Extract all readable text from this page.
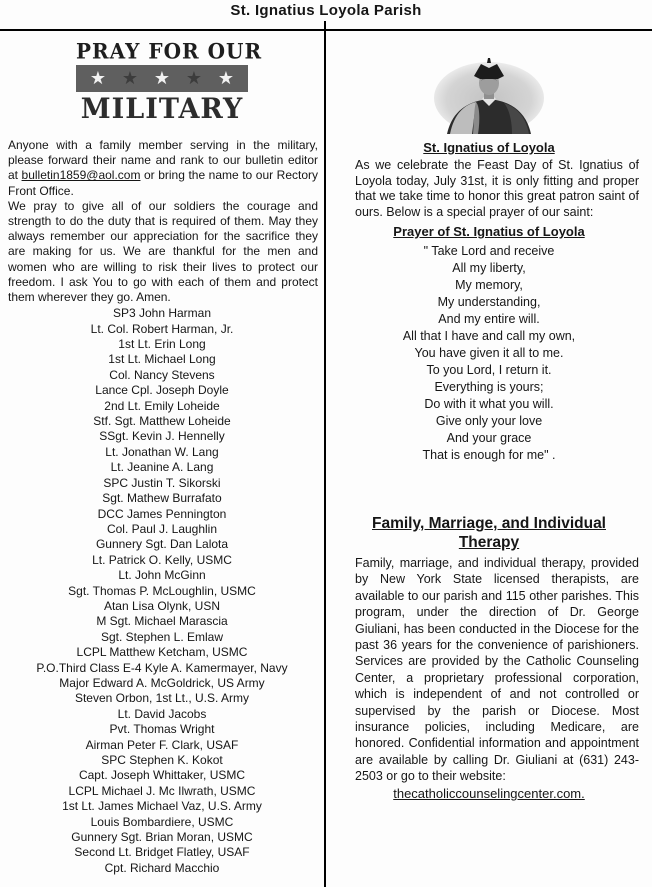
St. Ignatius Loyola Parish
PRAY FOR OUR
★ ★ ★ ★ ★
MILITARY

Anyone with a family member serving in the military, please forward their name and rank to our bulletin editor at bulletin1859@aol.com or bring the name to our Rectory Front Office.

We pray to give all of our soldiers the courage and strength to do the duty that is required of them. May they always remember our appreciation for the sacrifice they are making for us. We are thankful for the men and women who are willing to risk their lives to protect our freedom. I ask You to go with each of them and protect them wherever they go. Amen.

SP3 John Harman
Lt. Col. Robert Harman, Jr.
1st Lt. Erin Long
1st Lt. Michael Long
Col. Nancy Stevens
Lance Cpl. Joseph Doyle
2nd Lt. Emily Loheide
Stf. Sgt. Matthew Loheide
SSgt. Kevin J. Hennelly
Lt. Jonathan W. Lang
Lt. Jeanine A. Lang
SPC Justin T. Sikorski
Sgt. Mathew Burrafato
DCC James Pennington
Col. Paul J. Laughlin
Gunnery Sgt. Dan Lalota
Lt. Patrick O. Kelly, USMC
Lt. John McGinn
Sgt. Thomas P. McLoughlin, USMC
Atan Lisa Olynk, USN
M Sgt. Michael Marascia
Sgt. Stephen L. Emlaw
LCPL Matthew Ketcham, USMC
P.O.Third Class E-4 Kyle A. Kamermayer, Navy
Major Edward A. McGoldrick, US Army
Steven Orbon, 1st Lt., U.S. Army
Lt. David Jacobs
Pvt. Thomas Wright
Airman Peter F. Clark, USAF
SPC Stephen K. Kokot
Capt. Joseph Whittaker, USMC
LCPL Michael J. Mc Ilwrath, USMC
1st Lt. James Michael Vaz, U.S. Army
Louis Bombardiere, USMC
Gunnery Sgt. Brian Moran, USMC
Second Lt. Bridget Flatley, USAF
Cpt. Richard Macchio
St. Ignatius of Loyola

As we celebrate the Feast Day of St. Ignatius of Loyola today, July 31st, it is only fitting and proper that we take time to honor this great patron saint of ours. Below is a special prayer of our saint:

Prayer of St. Ignatius of Loyola
" Take Lord and receive
All my liberty,
My memory,
My understanding,
And my entire will.
All that I have and call my own,
You have given it all to me.
To you Lord, I return it.
Everything is yours;
Do with it what you will.
Give only your love
And your grace
That is enough for me" .
Family, Marriage, and Individual Therapy

Family, marriage, and individual therapy, provided by New York State licensed therapists, are available to our parish and 115 other parishes. This program, under the direction of Dr. George Giuliani, has been conducted in the Diocese for the past 36 years for the convenience of parishioners. Services are provided by the Catholic Counseling Center, a proprietary professional corporation, which is independent of and not controlled or supervised by the parish or Diocese. Most insurance policies, including Medicare, are honored. Confidential information and appointment are available by calling Dr. Giuliani at (631) 243-2503 or go to their website:

thecatholiccounselingcenter.com.
